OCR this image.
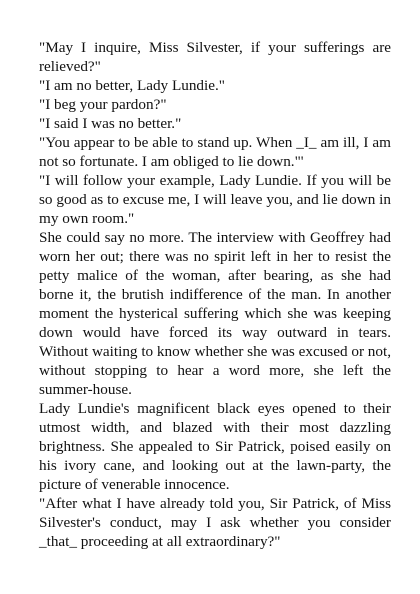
"May I inquire, Miss Silvester, if your sufferings are relieved?"

"I am no better, Lady Lundie."

"I beg your pardon?"

"I said I was no better."

"You appear to be able to stand up. When _I_ am ill, I am not so fortunate. I am obliged to lie down."'

"I will follow your example, Lady Lundie. If you will be so good as to excuse me, I will leave you, and lie down in my own room."

She could say no more. The interview with Geoffrey had worn her out; there was no spirit left in her to resist the petty malice of the woman, after bearing, as she had borne it, the brutish indifference of the man. In another moment the hysterical suffering which she was keeping down would have forced its way outward in tears. Without waiting to know whether she was excused or not, without stopping to hear a word more, she left the summer-house.

Lady Lundie's magnificent black eyes opened to their utmost width, and blazed with their most dazzling brightness. She appealed to Sir Patrick, poised easily on his ivory cane, and looking out at the lawn-party, the picture of venerable innocence.

"After what I have already told you, Sir Patrick, of Miss Silvester's conduct, may I ask whether you consider _that_ proceeding at all extraordinary?"
